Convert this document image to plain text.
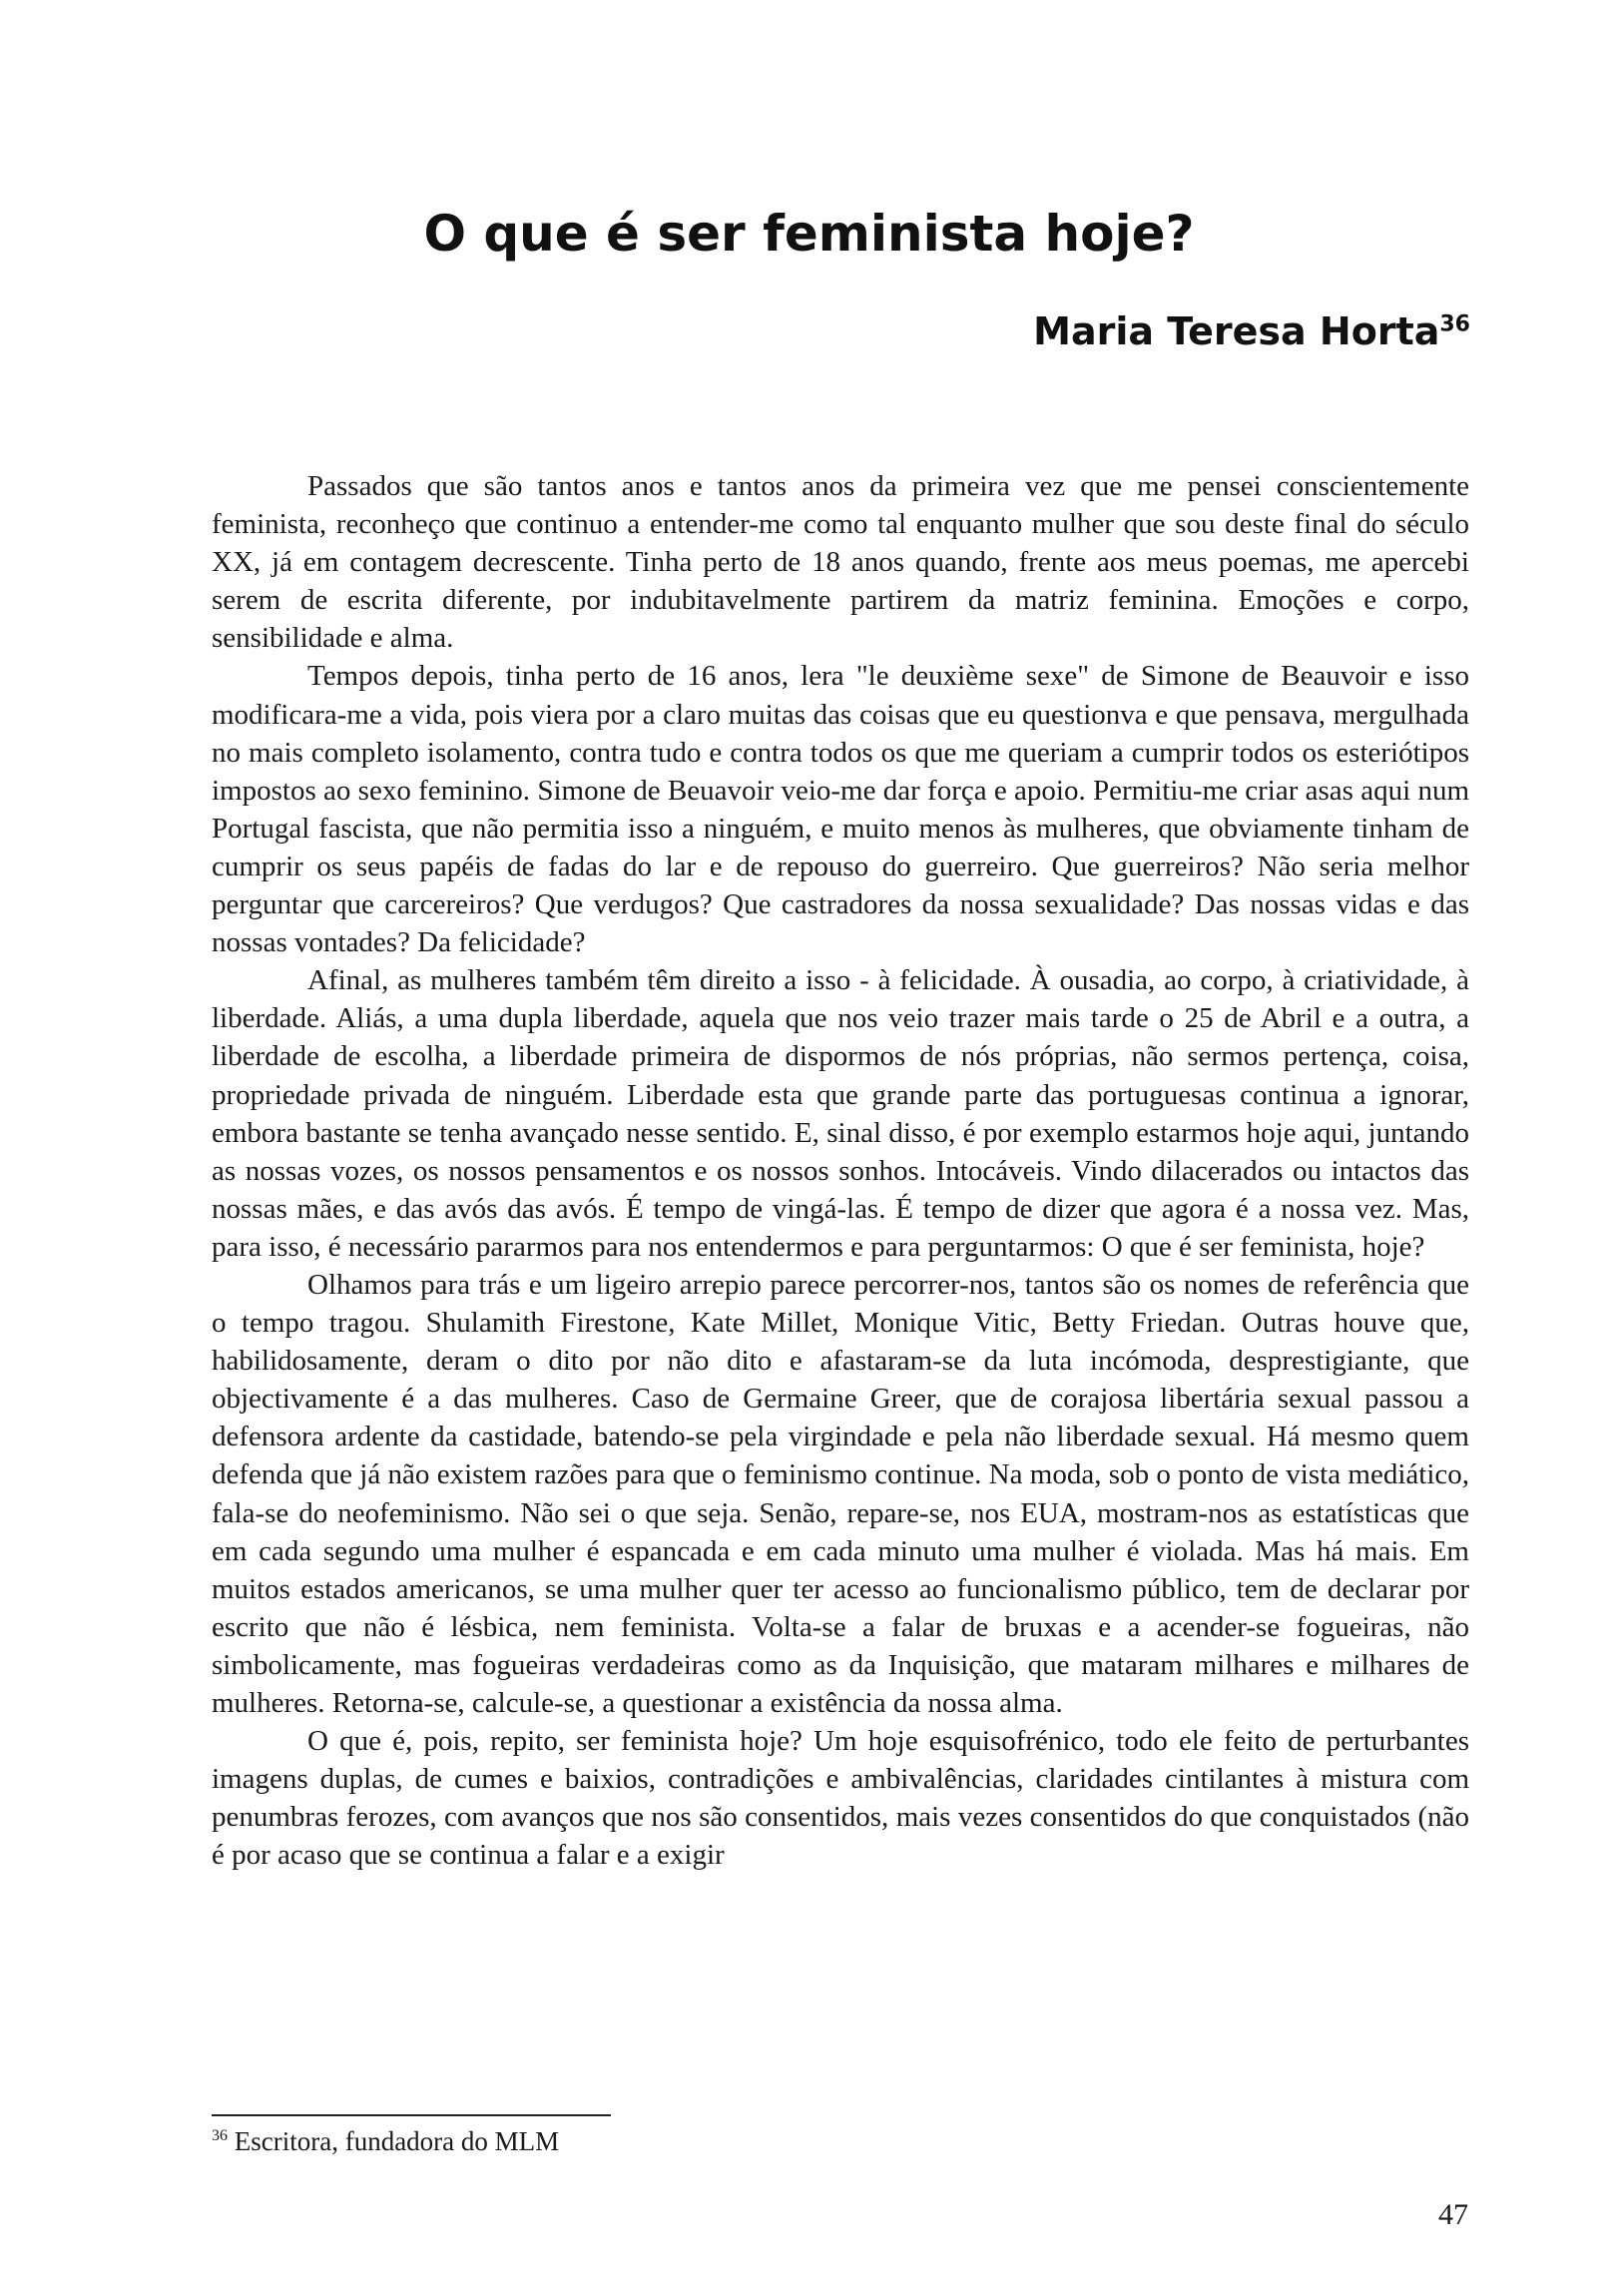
O que é ser feminista hoje?
Maria Teresa Horta$^{36}$

Passados que são tantos anos e tantos anos da primeira vez que me pensei conscientemente feminista, reconheço que continuo a entender-me como tal enquanto mulher que sou deste final do século XX, já em contagem decrescente. Tinha perto de 18 anos quando, frente aos meus poemas, me apercebi serem de escrita diferente, por indubitavelmente partirem da matriz feminina. Emoções e corpo, sensibilidade e alma.

Tempos depois, tinha perto de 16 anos, lera "le deuxième sexe" de Simone de Beauvoir e isso modificara-me a vida, pois viera por a claro muitas das coisas que eu questionva e que pensava, mergulhada no mais completo isolamento, contra tudo e contra todos os que me queriam a cumprir todos os esteriótipos impostos ao sexo feminino. Simone de Beuavoir veio-me dar força e apoio. Permitiu-me criar asas aqui num Portugal fascista, que não permitia isso a ninguém, e muito menos às mulheres, que obviamente tinham de cumprir os seus papéis de fadas do lar e de repouso do guerreiro. Que guerreiros? Não seria melhor perguntar que carcereiros? Que verdugos? Que castradores da nossa sexualidade? Das nossas vidas e das nossas vontades? Da felicidade?

Afinal, as mulheres também têm direito a isso - à felicidade. À ousadia, ao corpo, à criatividade, à liberdade. Aliás, a uma dupla liberdade, aquela que nos veio trazer mais tarde o 25 de Abril e a outra, a liberdade de escolha, a liberdade primeira de dispormos de nós próprias, não sermos pertença, coisa, propriedade privada de ninguém. Liberdade esta que grande parte das portuguesas continua a ignorar, embora bastante se tenha avançado nesse sentido. E, sinal disso, é por exemplo estarmos hoje aqui, juntando as nossas vozes, os nossos pensamentos e os nossos sonhos. Intocáveis. Vindo dilacerados ou intactos das nossas mães, e das avós das avós. É tempo de vingá-las. É tempo de dizer que agora é a nossa vez. Mas, para isso, é necessário pararmos para nos entendermos e para perguntarmos: O que é ser feminista, hoje?

Olhamos para trás e um ligeiro arrepio parece percorrer-nos, tantos são os nomes de referência que o tempo tragou. Shulamith Firestone, Kate Millet, Monique Vitic, Betty Friedan. Outras houve que, habilidosamente, deram o dito por não dito e afastaram-se da luta incómoda, desprestigiante, que objectivamente é a das mulheres. Caso de Germaine Greer, que de corajosa libertária sexual passou a defensora ardente da castidade, batendo-se pela virgindade e pela não liberdade sexual. Há mesmo quem defenda que já não existem razões para que o feminismo continue. Na moda, sob o ponto de vista mediático, fala-se do neofeminismo. Não sei o que seja. Senão, repare-se, nos EUA, mostram-nos as estatísticas que em cada segundo uma mulher é espancada e em cada minuto uma mulher é violada. Mas há mais. Em muitos estados americanos, se uma mulher quer ter acesso ao funcionalismo público, tem de declarar por escrito que não é lésbica, nem feminista. Volta-se a falar de bruxas e a acender-se fogueiras, não simbolicamente, mas fogueiras verdadeiras como as da Inquisição, que mataram milhares e milhares de mulheres. Retorna-se, calcule-se, a questionar a existência da nossa alma.

O que é, pois, repito, ser feminista hoje? Um hoje esquisofrénico, todo ele feito de perturbantes imagens duplas, de cumes e baixios, contradições e ambivalências, claridades cintilantes à mistura com penumbras ferozes, com avanços que nos são consentidos, mais vezes consentidos do que conquistados (não é por acaso que se continua a falar e a exigir

$^{36}$ Escritora, fundadora do MLM
47
